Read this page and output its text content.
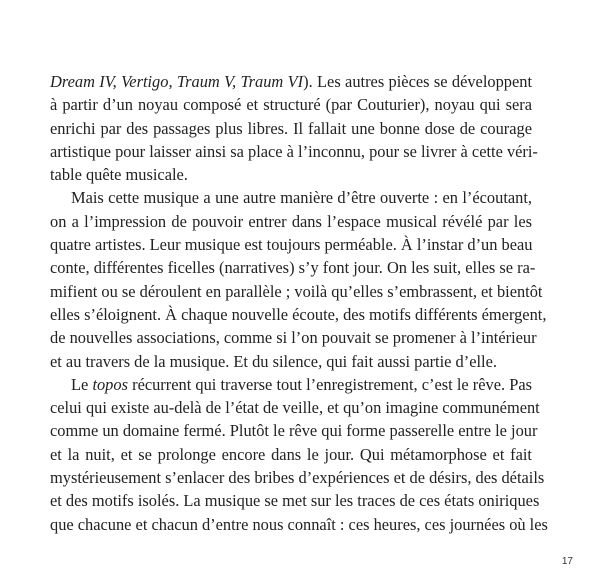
Dream IV, Vertigo, Traum V, Traum VI). Les autres pièces se développent
à partir d’un noyau composé et structuré (par Couturier), noyau qui sera
enrichi par des passages plus libres. Il fallait une bonne dose de courage
artistique pour laisser ainsi sa place à l’inconnu, pour se livrer à cette véri-
table quête musicale.
Mais cette musique a une autre manière d’être ouverte : en l’écoutant,
on a l’impression de pouvoir entrer dans l’espace musical révélé par les
quatre artistes. Leur musique est toujours perméable. À l’instar d’un beau
conte, différentes ficelles (narratives) s’y font jour. On les suit, elles se ra-
mifient ou se déroulent en parallèle ; voilà qu’elles s’embrassent, et bientôt
elles s’éloignent. À chaque nouvelle écoute, des motifs différents émergent,
de nouvelles associations, comme si l’on pouvait se promener à l’intérieur
et au travers de la musique. Et du silence, qui fait aussi partie d’elle.
Le topos récurrent qui traverse tout l’enregistrement, c’est le rêve. Pas
celui qui existe au-delà de l’état de veille, et qu’on imagine communément
comme un domaine fermé. Plutôt le rêve qui forme passerelle entre le jour
et la nuit, et se prolonge encore dans le jour. Qui métamorphose et fait
mystérieusement s’enlacer des bribes d’expériences et de désirs, des détails
et des motifs isolés. La musique se met sur les traces de ces états oniriques
que chacune et chacun d’entre nous connaît : ces heures, ces journées où les
17
